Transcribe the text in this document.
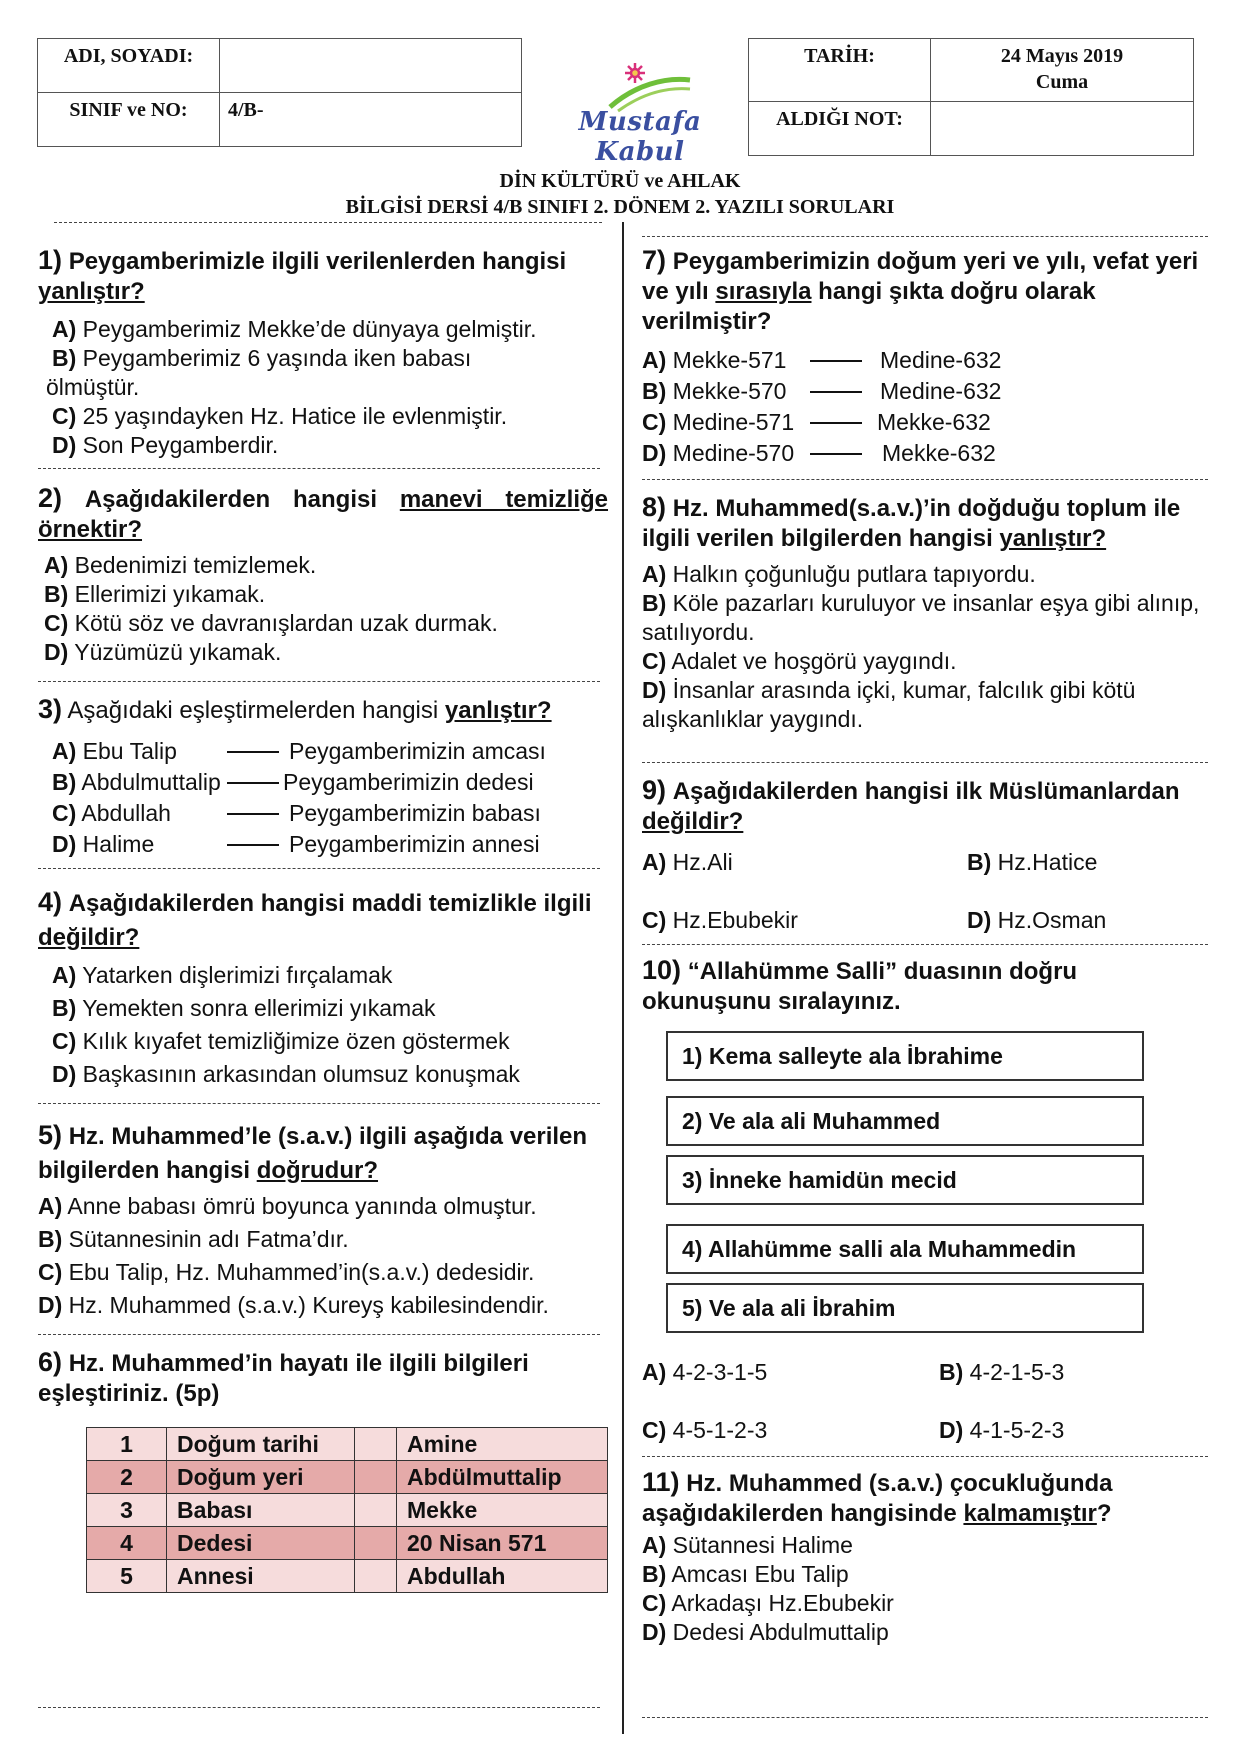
ADI, SOYADI:	
SINIF ve NO:	4/B-	Mustafa Kabul
TARİH:	24 Mayıs 2019
Cuma

ALDIĞI NOT:	
DİN KÜLTÜRÜ ve AHLAK
BİLGİSİ DERSİ 4/B SINIFI 2. DÖNEM 2. YAZILI SORULARI
1) Peygamberimizle ilgili verilenlerden hangisi yanlıştır?
A) Peygamberimiz Mekke’de dünyaya gelmiştir.
B) Peygamberimiz 6 yaşında iken babası
ölmüştür.
C) 25 yaşındayken Hz. Hatice ile evlenmiştir.
D) Son Peygamberdir.
2) Aşağıdakilerden hangisi manevi temizliğe örnektir?
A) Bedenimizi temizlemek.
B) Ellerimizi yıkamak.
C) Kötü söz ve davranışlardan uzak durmak.
D) Yüzümüzü yıkamak.
3) Aşağıdaki eşleştirmelerden hangisi yanlıştır?
A) Ebu Talip	Peygamberimizin amcası
B) Abdulmuttalip	Peygamberimizin dedesi
C) Abdullah	Peygamberimizin babası
D) Halime	Peygamberimizin annesi
4) Aşağıdakilerden hangisi maddi temizlikle ilgili değildir?
A) Yatarken dişlerimizi fırçalamak
B) Yemekten sonra ellerimizi yıkamak
C) Kılık kıyafet temizliğimize özen göstermek
D) Başkasının arkasından olumsuz konuşmak
5) Hz. Muhammed’le (s.a.v.) ilgili aşağıda verilen bilgilerden hangisi doğrudur?
A) Anne babası ömrü boyunca yanında olmuştur.
B) Sütannesinin adı Fatma’dır.
C) Ebu Talip, Hz. Muhammed’in(s.a.v.) dedesidir.
D) Hz. Muhammed (s.a.v.) Kureyş kabilesindendir.
6) Hz. Muhammed’in hayatı ile ilgili bilgileri eşleştiriniz. (5p)
1	Doğum tarihi		Amine
2	Doğum yeri		Abdülmuttalip
3	Babası		Mekke
4	Dedesi		20 Nisan 571
5	Annesi		Abdullah
7) Peygamberimizin doğum yeri ve yılı, vefat yeri ve yılı sırasıyla hangi şıkta doğru olarak verilmiştir?
A) Mekke-571	Medine-632
B) Mekke-570	Medine-632
C) Medine-571	Mekke-632
D) Medine-570	Mekke-632
8) Hz. Muhammed(s.a.v.)’in doğduğu toplum ile ilgili verilen bilgilerden hangisi yanlıştır?
A) Halkın çoğunluğu putlara tapıyordu.
B) Köle pazarları kuruluyor ve insanlar eşya gibi alınıp, satılıyordu.
C) Adalet ve hoşgörü yaygındı.
D) İnsanlar arasında içki, kumar, falcılık gibi kötü alışkanlıklar yaygındı.
9) Aşağıdakilerden hangisi ilk Müslümanlardan değildir?
A) Hz.Ali	B) Hz.Hatice
C) Hz.Ebubekir	D) Hz.Osman
10) “Allahümme Salli” duasının doğru okunuşunu sıralayınız.
1) Kema salleyte ala İbrahime
2) Ve ala ali Muhammed
3) İnneke hamidün mecid
4) Allahümme salli ala Muhammedin
5) Ve ala ali İbrahim
A) 4-2-3-1-5	B) 4-2-1-5-3
C) 4-5-1-2-3	D) 4-1-5-2-3
11) Hz. Muhammed (s.a.v.) çocukluğunda aşağıdakilerden hangisinde kalmamıştır?
A) Sütannesi Halime
B) Amcası Ebu Talip
C) Arkadaşı Hz.Ebubekir
D) Dedesi Abdulmuttalip
